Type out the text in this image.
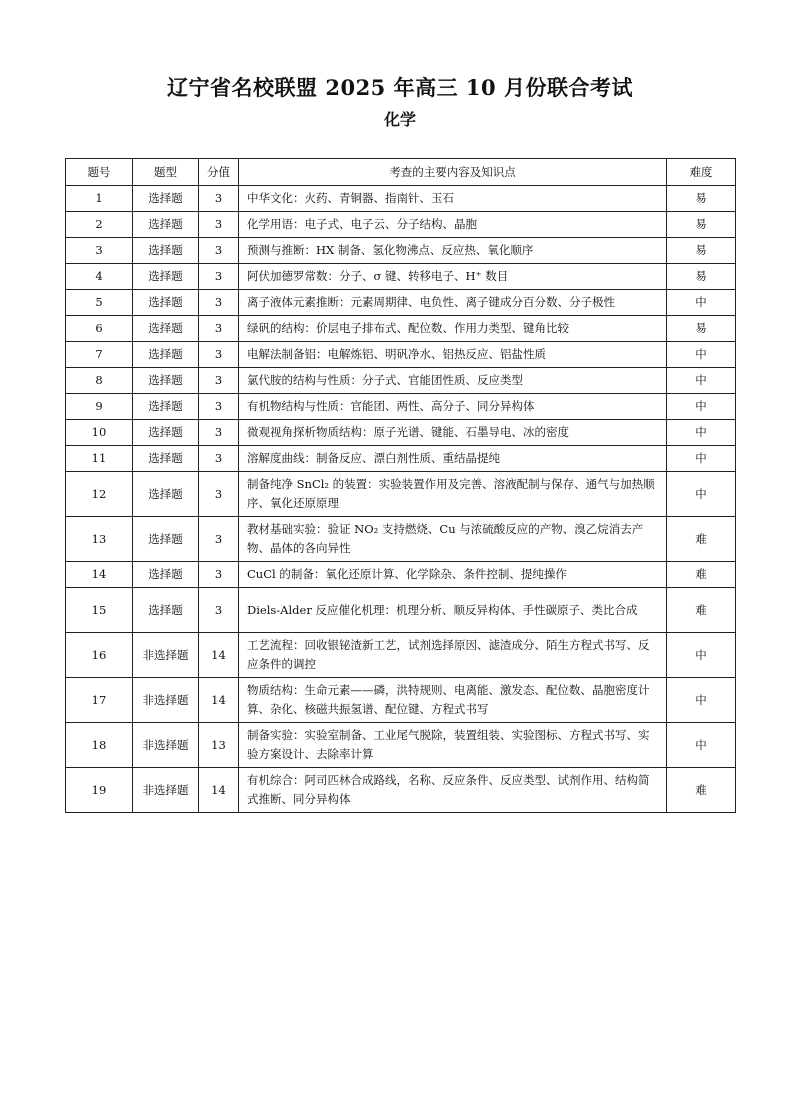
辽宁省名校联盟 2025 年高三 10 月份联合考试
化学
题号	题型	分值	考查的主要内容及知识点	难度
1	选择题	3	中华文化：火药、青铜器、指南针、玉石	易
2	选择题	3	化学用语：电子式、电子云、分子结构、晶胞	易
3	选择题	3	预测与推断：HX 制备、氢化物沸点、反应热、氧化顺序	易
4	选择题	3	阿伏加德罗常数：分子、σ 键、转移电子、H⁺ 数目	易
5	选择题	3	离子液体元素推断：元素周期律、电负性、离子键成分百分数、分子极性	中
6	选择题	3	绿矾的结构：价层电子排布式、配位数、作用力类型、键角比较	易
7	选择题	3	电解法制备铝：电解炼铝、明矾净水、铝热反应、铝盐性质	中
8	选择题	3	氯代胺的结构与性质：分子式、官能团性质、反应类型	中
9	选择题	3	有机物结构与性质：官能团、两性、高分子、同分异构体	中
10	选择题	3	微观视角探析物质结构：原子光谱、键能、石墨导电、冰的密度	中
11	选择题	3	溶解度曲线：制备反应、漂白剂性质、重结晶提纯	中
12	选择题	3	制备纯净 SnCl₂ 的装置：实验装置作用及完善、溶液配制与保存、通气与加热顺序、氧化还原原理	中
13	选择题	3	教材基础实验：验证 NO₂ 支持燃烧、Cu 与浓硫酸反应的产物、溴乙烷消去产物、晶体的各向异性	难
14	选择题	3	CuCl 的制备：氧化还原计算、化学除杂、条件控制、提纯操作	难
15	选择题	3	Diels-Alder 反应催化机理：机理分析、顺反异构体、手性碳原子、类比合成	难
16	非选择题	14	工艺流程：回收银铋渣新工艺，试剂选择原因、滤渣成分、陌生方程式书写、反应条件的调控	中
17	非选择题	14	物质结构：生命元素——磷，洪特规则、电离能、激发态、配位数、晶胞密度计算、杂化、核磁共振氢谱、配位键、方程式书写	中
18	非选择题	13	制备实验：实验室制备、工业尾气脱除，装置组装、实验图标、方程式书写、实验方案设计、去除率计算	中
19	非选择题	14	有机综合：阿司匹林合成路线，名称、反应条件、反应类型、试剂作用、结构简式推断、同分异构体	难
